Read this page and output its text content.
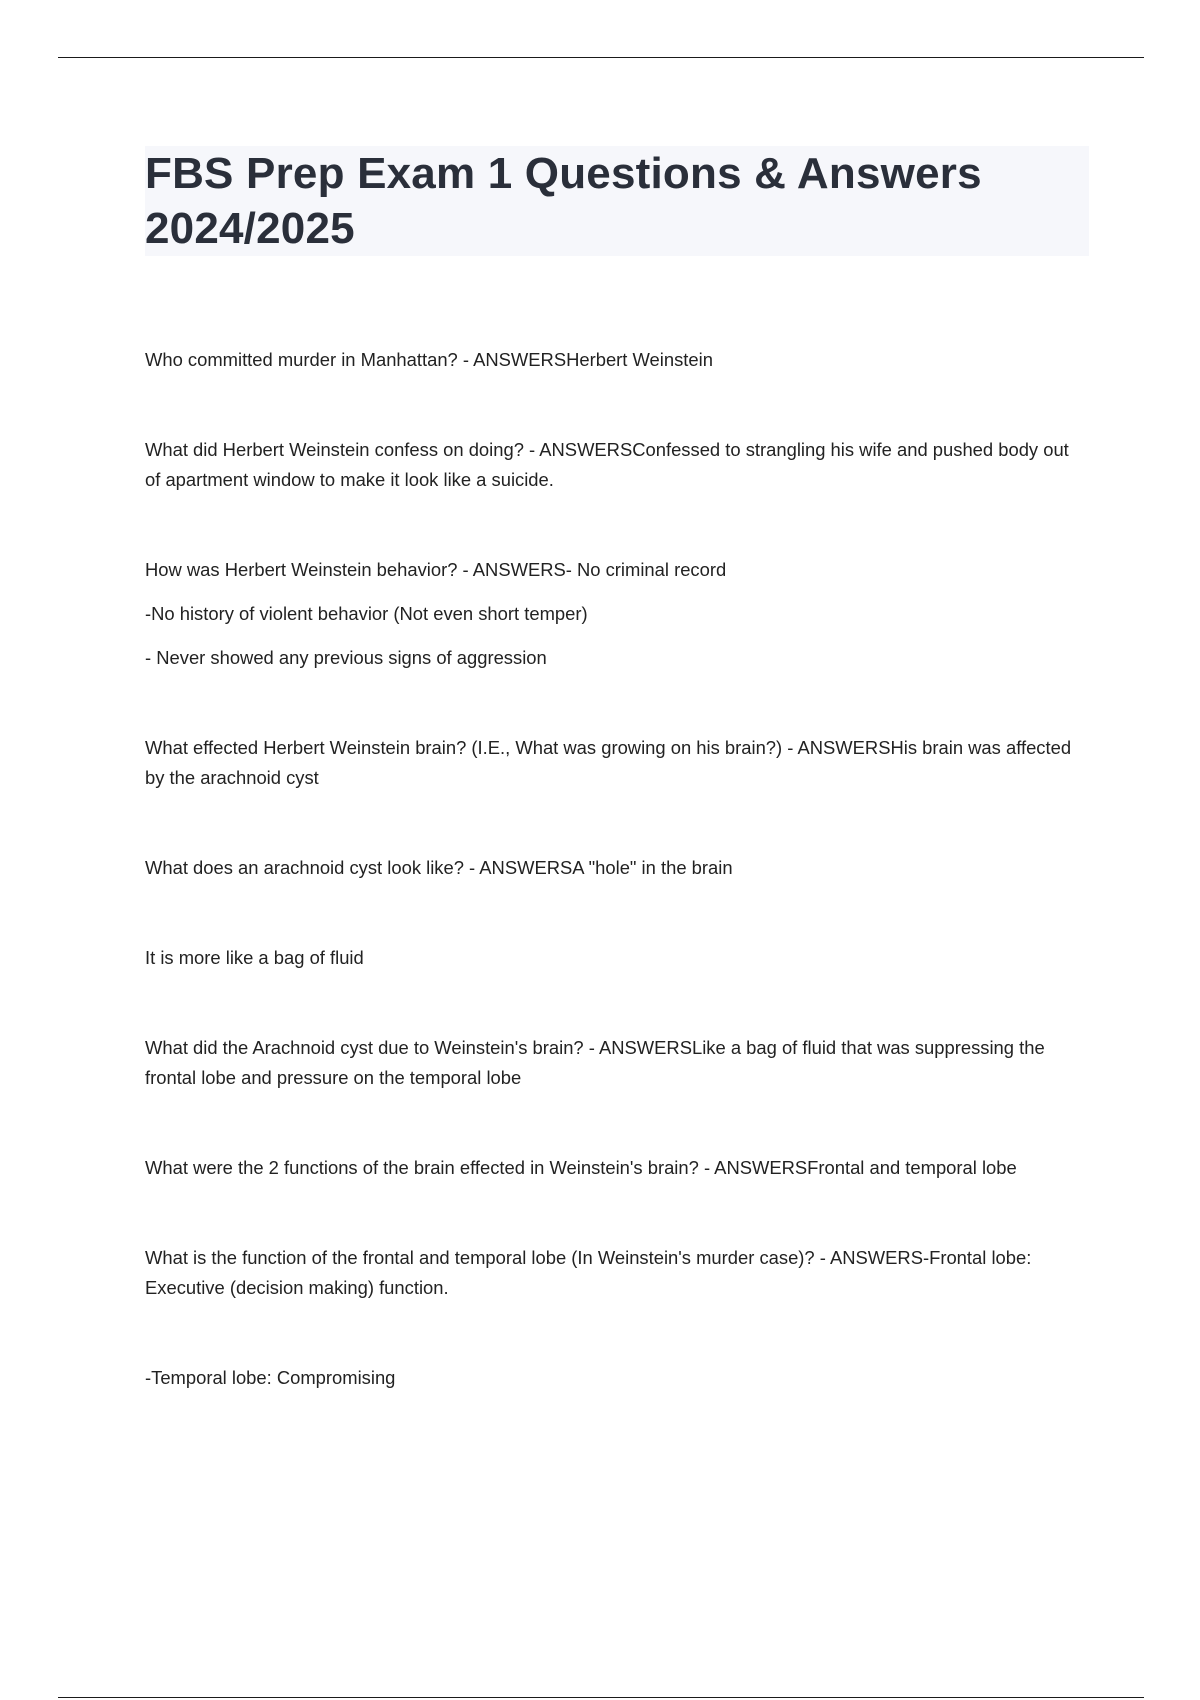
FBS Prep Exam 1 Questions & Answers 2024/2025
Who committed murder in Manhattan? - ANSWERSHerbert Weinstein
What did Herbert Weinstein confess on doing? - ANSWERSConfessed to strangling his wife and pushed body out of apartment window to make it look like a suicide.
How was Herbert Weinstein behavior? - ANSWERS- No criminal record
-No history of violent behavior (Not even short temper)
- Never showed any previous signs of aggression
What effected Herbert Weinstein brain? (I.E., What was growing on his brain?) - ANSWERSHis brain was affected by the arachnoid cyst
What does an arachnoid cyst look like? - ANSWERSA "hole" in the brain
It is more like a bag of fluid
What did the Arachnoid cyst due to Weinstein's brain? - ANSWERSLike a bag of fluid that was suppressing the frontal lobe and pressure on the temporal lobe
What were the 2 functions of the brain effected in Weinstein's brain? - ANSWERSFrontal and temporal lobe
What is the function of the frontal and temporal lobe (In Weinstein's murder case)? - ANSWERS-Frontal lobe: Executive (decision making) function.
-Temporal lobe: Compromising
